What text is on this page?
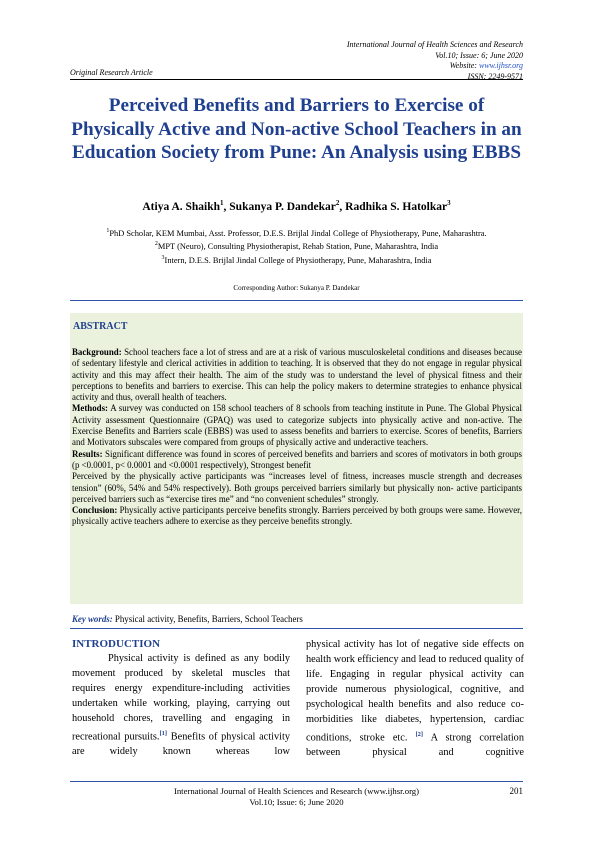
International Journal of Health Sciences and Research
Vol.10; Issue: 6; June 2020
Website: www.ijhsr.org
ISSN: 2249-9571
Original Research Article
Perceived Benefits and Barriers to Exercise of Physically Active and Non-active School Teachers in an Education Society from Pune: An Analysis using EBBS
Atiya A. Shaikh$^1$, Sukanya P. Dandekar$^2$, Radhika S. Hatolkar$^3$
$^1$PhD Scholar, KEM Mumbai, Asst. Professor, D.E.S. Brijlal Jindal College of Physiotherapy, Pune, Maharashtra.
$^2$MPT (Neuro), Consulting Physiotherapist, Rehab Station, Pune, Maharashtra, India
$^3$Intern, D.E.S. Brijlal Jindal College of Physiotherapy, Pune, Maharashtra, India
Corresponding Author: Sukanya P. Dandekar
ABSTRACT

Background: School teachers face a lot of stress and are at a risk of various musculoskeletal conditions and diseases because of sedentary lifestyle and clerical activities in addition to teaching. It is observed that they do not engage in regular physical activity and this may affect their health. The aim of the study was to understand the level of physical fitness and their perceptions to benefits and barriers to exercise. This can help the policy makers to determine strategies to enhance physical activity and thus, overall health of teachers.

Methods: A survey was conducted on 158 school teachers of 8 schools from teaching institute in Pune. The Global Physical Activity assessment Questionnaire (GPAQ) was used to categorize subjects into physically active and non-active. The Exercise Benefits and Barriers scale (EBBS) was used to assess benefits and barriers to exercise. Scores of benefits, Barriers and Motivators subscales were compared from groups of physically active and underactive teachers.

Results: Significant difference was found in scores of perceived benefits and barriers and scores of motivators in both groups (p <0.0001, p< 0.0001 and <0.0001 respectively), Strongest benefit

Perceived by the physically active participants was “increases level of fitness, increases muscle strength and decreases tension” (60%, 54% and 54% respectively). Both groups perceived barriers similarly but physically non- active participants perceived barriers such as “exercise tires me” and “no convenient schedules” strongly.

Conclusion: Physically active participants perceive benefits strongly. Barriers perceived by both groups were same. However, physically active teachers adhere to exercise as they perceive benefits strongly.

Key words: Physical activity, Benefits, Barriers, School Teachers
INTRODUCTION

Physical activity is defined as any bodily movement produced by skeletal muscles that requires energy expenditure-including activities undertaken while working, playing, carrying out household chores, travelling and engaging in recreational pursuits.[1] Benefits of physical activity are widely known whereas low

physical activity has lot of negative side effects on health work efficiency and lead to reduced quality of life. Engaging in regular physical activity can provide numerous physiological, cognitive, and psychological health benefits and also reduce co-morbidities like diabetes, hypertension, cardiac conditions, stroke etc. [2] A strong correlation between physical and cognitive

International Journal of Health Sciences and Research (www.ijhsr.org)
Vol.10; Issue: 6; June 2020
201
